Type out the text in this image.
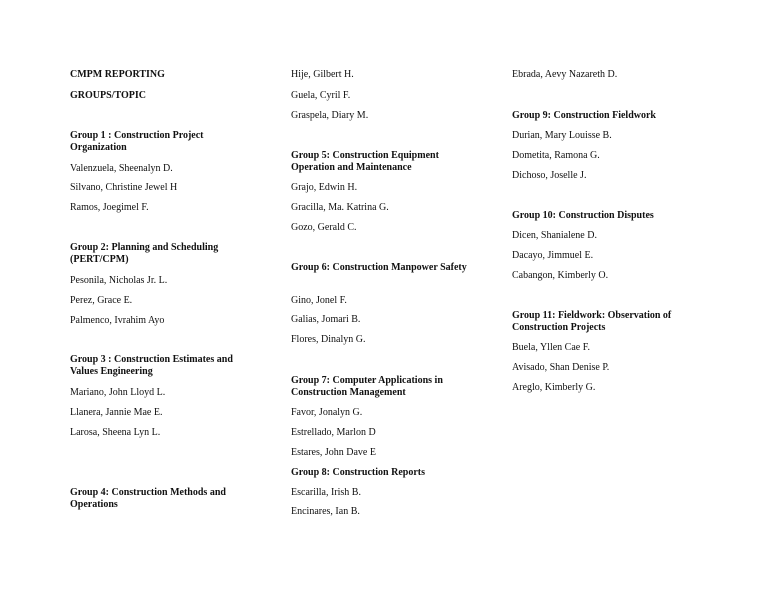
CMPM REPORTING
GROUPS/TOPIC
Group 1 : Construction Project Organization
Valenzuela, Sheenalyn D.
Silvano, Christine Jewel H
Ramos, Joegimel F.
Group 2: Planning and Scheduling (PERT/CPM)
Pesonila, Nicholas Jr. L.
Perez, Grace E.
Palmenco, Ivrahim Ayo
Group 3 : Construction Estimates and Values Engineering
Mariano, John Lloyd L.
Llanera, Jannie Mae E.
Larosa, Sheena Lyn L.
Group 4: Construction Methods and Operations
Hije, Gilbert H.
Guela, Cyril F.
Graspela, Diary M.
Group 5: Construction Equipment Operation and Maintenance
Grajo, Edwin H.
Gracilla, Ma. Katrina G.
Gozo, Gerald C.
Group 6: Construction Manpower Safety
Gino, Jonel F.
Galias, Jomari B.
Flores, Dinalyn G.
Group 7: Computer Applications in Construction Management
Favor, Jonalyn G.
Estrellado, Marlon D
Estares, John Dave E
Group 8: Construction Reports
Escarilla, Irish B.
Encinares, Ian B.
Ebrada, Aevy Nazareth D.
Group 9: Construction Fieldwork
Durian, Mary Louisse B.
Dometita, Ramona G.
Dichoso, Joselle J.
Group 10: Construction Disputes
Dicen, Shanialene D.
Dacayo, Jimmuel E.
Cabangon, Kimberly O.
Group 11: Fieldwork: Observation of Construction Projects
Buela, Yllen Cae F.
Avisado, Shan Denise P.
Areglo, Kimberly G.
